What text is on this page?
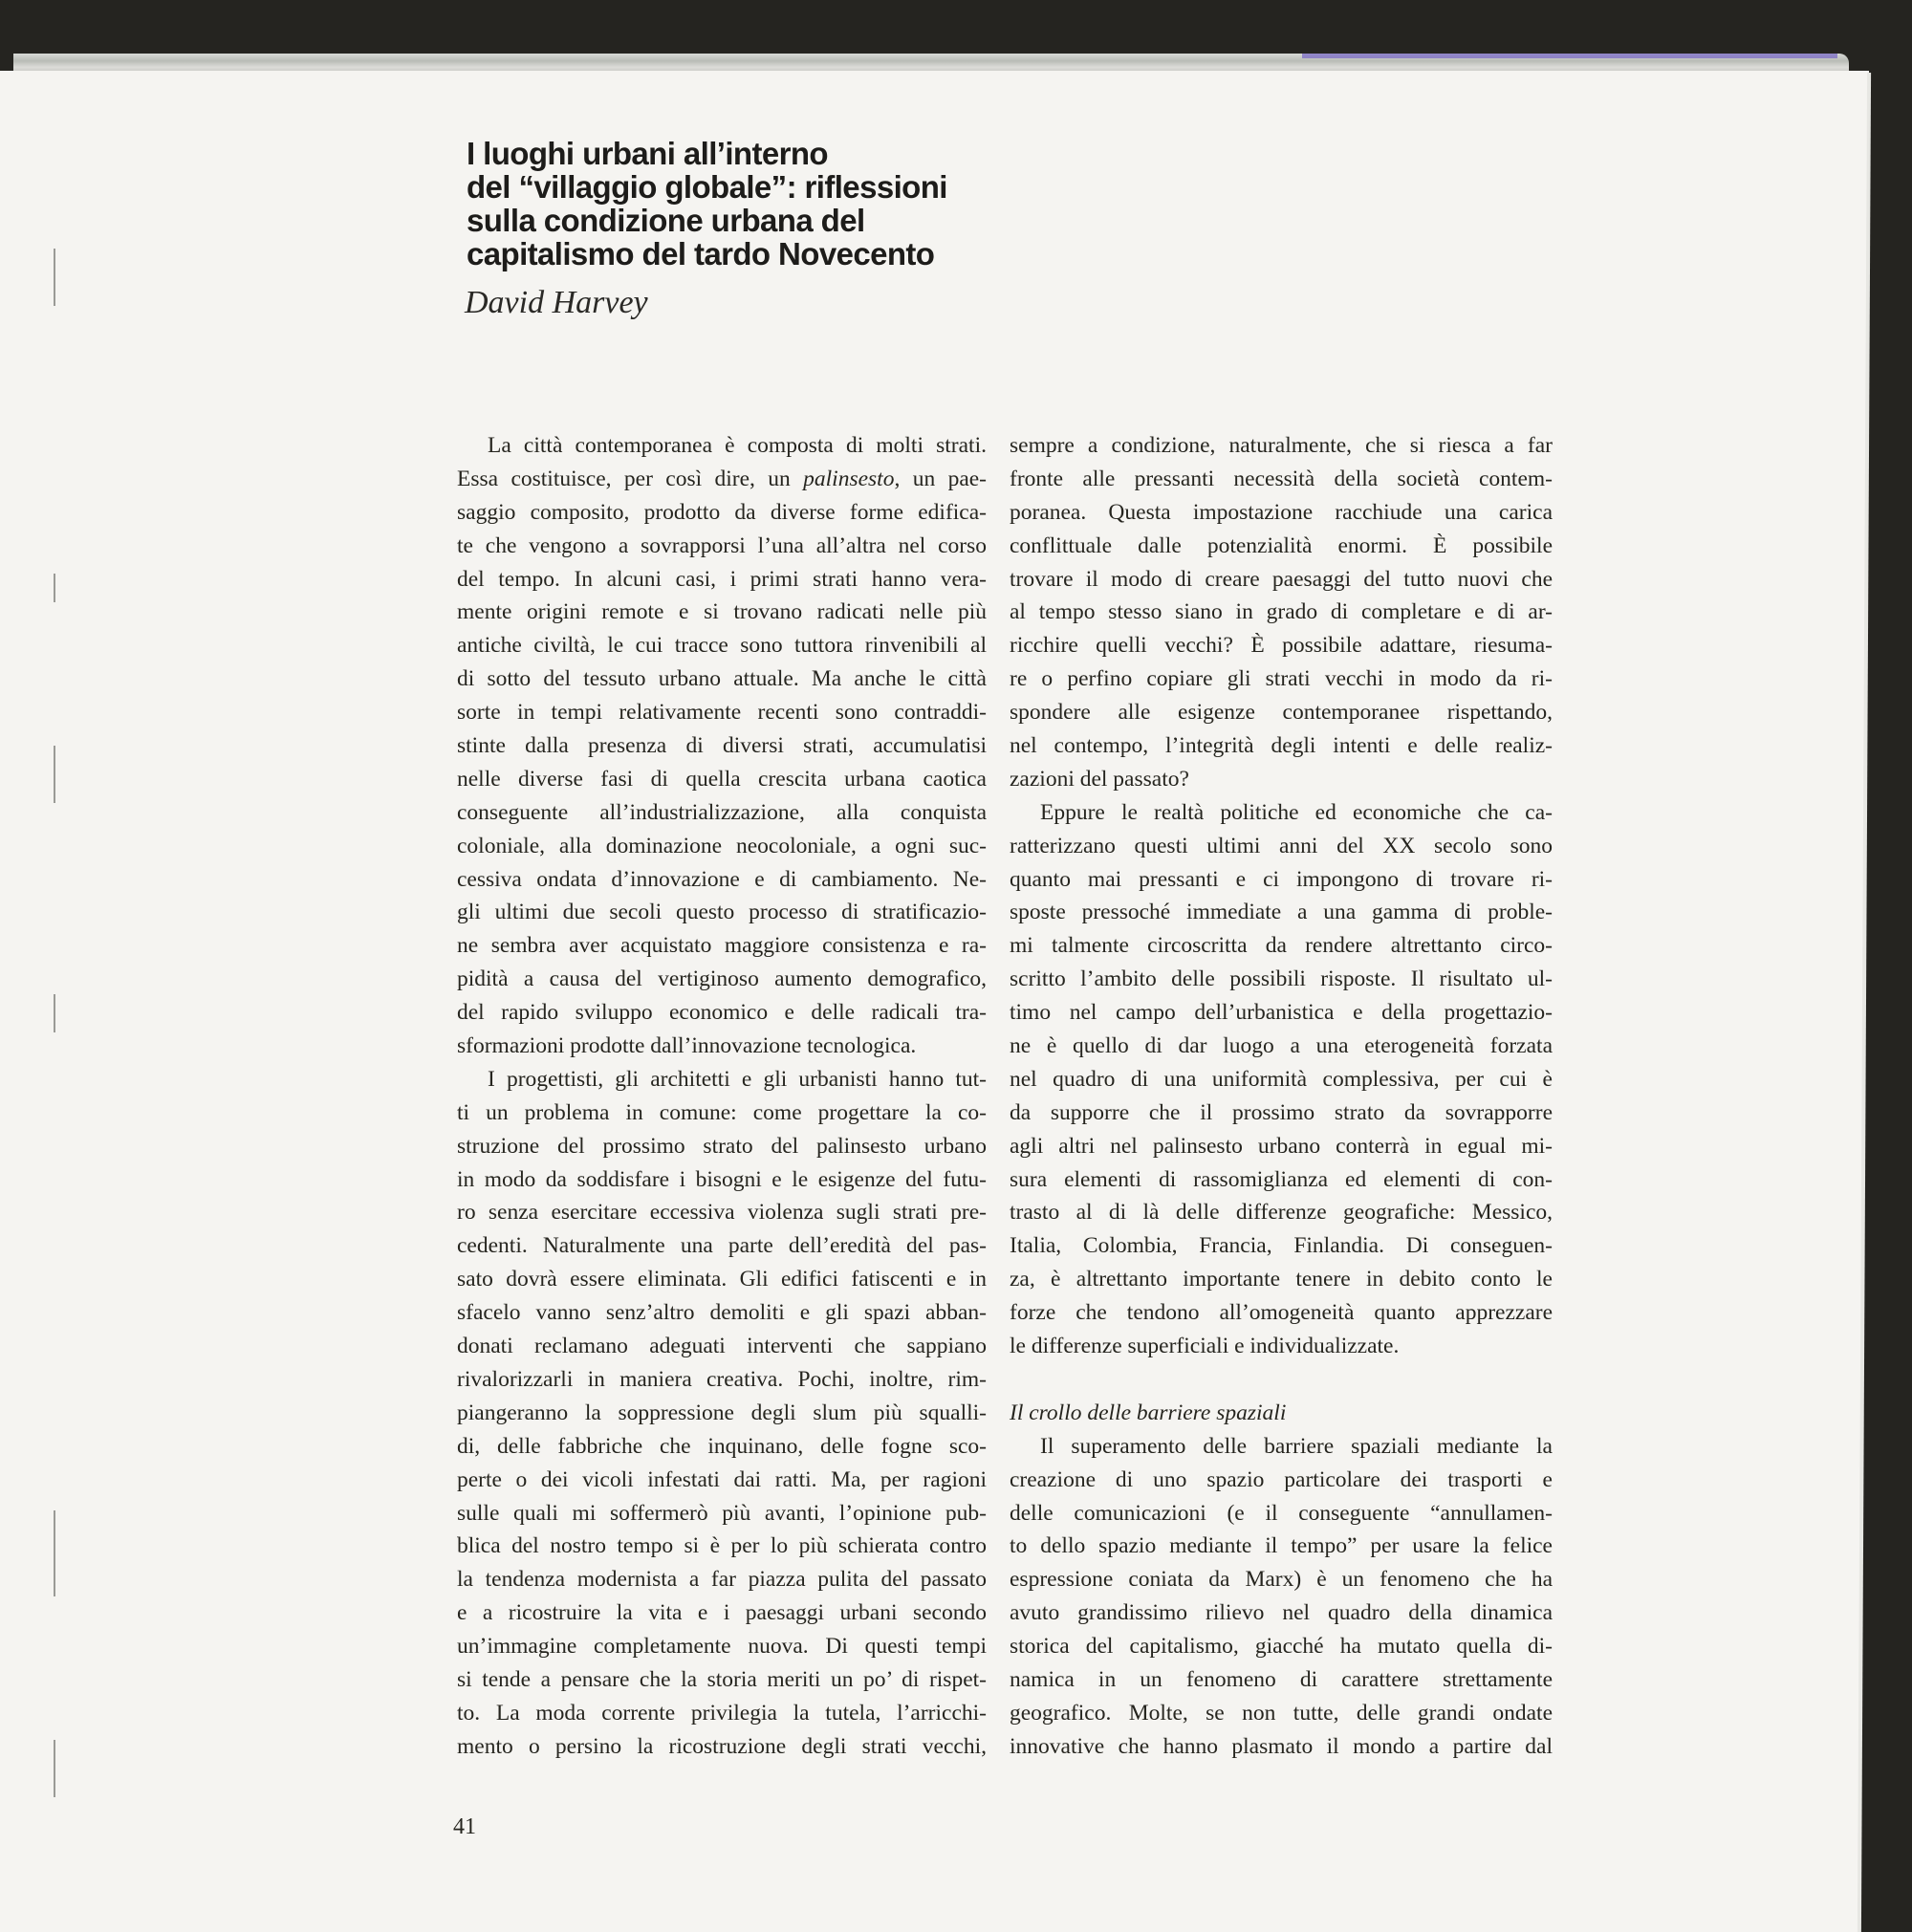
I luoghi urbani all’interno
del “villaggio globale”: riflessioni
sulla condizione urbana del
capitalismo del tardo Novecento
David Harvey
La città contemporanea è composta di molti strati.
Essa costituisce, per così dire, un palinsesto, un pae-
saggio composito, prodotto da diverse forme edifica-
te che vengono a sovrapporsi l’una all’altra nel corso
del tempo. In alcuni casi, i primi strati hanno vera-
mente origini remote e si trovano radicati nelle più
antiche civiltà, le cui tracce sono tuttora rinvenibili al
di sotto del tessuto urbano attuale. Ma anche le città
sorte in tempi relativamente recenti sono contraddi-
stinte dalla presenza di diversi strati, accumulatisi
nelle diverse fasi di quella crescita urbana caotica
conseguente all’industrializzazione, alla conquista
coloniale, alla dominazione neocoloniale, a ogni suc-
cessiva ondata d’innovazione e di cambiamento. Ne-
gli ultimi due secoli questo processo di stratificazio-
ne sembra aver acquistato maggiore consistenza e ra-
pidità a causa del vertiginoso aumento demografico,
del rapido sviluppo economico e delle radicali tra-
sformazioni prodotte dall’innovazione tecnologica.
I progettisti, gli architetti e gli urbanisti hanno tut-
ti un problema in comune: come progettare la co-
struzione del prossimo strato del palinsesto urbano
in modo da soddisfare i bisogni e le esigenze del futu-
ro senza esercitare eccessiva violenza sugli strati pre-
cedenti. Naturalmente una parte dell’eredità del pas-
sato dovrà essere eliminata. Gli edifici fatiscenti e in
sfacelo vanno senz’altro demoliti e gli spazi abban-
donati reclamano adeguati interventi che sappiano
rivalorizzarli in maniera creativa. Pochi, inoltre, rim-
piangeranno la soppressione degli slum più squalli-
di, delle fabbriche che inquinano, delle fogne sco-
perte o dei vicoli infestati dai ratti. Ma, per ragioni
sulle quali mi soffermerò più avanti, l’opinione pub-
blica del nostro tempo si è per lo più schierata contro
la tendenza modernista a far piazza pulita del passato
e a ricostruire la vita e i paesaggi urbani secondo
un’immagine completamente nuova. Di questi tempi
si tende a pensare che la storia meriti un po’ di rispet-
to. La moda corrente privilegia la tutela, l’arricchi-
mento o persino la ricostruzione degli strati vecchi,
sempre a condizione, naturalmente, che si riesca a far
fronte alle pressanti necessità della società contem-
poranea. Questa impostazione racchiude una carica
conflittuale dalle potenzialità enormi. È possibile
trovare il modo di creare paesaggi del tutto nuovi che
al tempo stesso siano in grado di completare e di ar-
ricchire quelli vecchi? È possibile adattare, riesuma-
re o perfino copiare gli strati vecchi in modo da ri-
spondere alle esigenze contemporanee rispettando,
nel contempo, l’integrità degli intenti e delle realiz-
zazioni del passato?
Eppure le realtà politiche ed economiche che ca-
ratterizzano questi ultimi anni del XX secolo sono
quanto mai pressanti e ci impongono di trovare ri-
sposte pressoché immediate a una gamma di proble-
mi talmente circoscritta da rendere altrettanto circo-
scritto l’ambito delle possibili risposte. Il risultato ul-
timo nel campo dell’urbanistica e della progettazio-
ne è quello di dar luogo a una eterogeneità forzata
nel quadro di una uniformità complessiva, per cui è
da supporre che il prossimo strato da sovrapporre
agli altri nel palinsesto urbano conterrà in egual mi-
sura elementi di rassomiglianza ed elementi di con-
trasto al di là delle differenze geografiche: Messico,
Italia, Colombia, Francia, Finlandia. Di conseguen-
za, è altrettanto importante tenere in debito conto le
forze che tendono all’omogeneità quanto apprezzare
le differenze superficiali e individualizzate.
Il crollo delle barriere spaziali
Il superamento delle barriere spaziali mediante la
creazione di uno spazio particolare dei trasporti e
delle comunicazioni (e il conseguente “annullamen-
to dello spazio mediante il tempo” per usare la felice
espressione coniata da Marx) è un fenomeno che ha
avuto grandissimo rilievo nel quadro della dinamica
storica del capitalismo, giacché ha mutato quella di-
namica in un fenomeno di carattere strettamente
geografico. Molte, se non tutte, delle grandi ondate
innovative che hanno plasmato il mondo a partire dal
41
